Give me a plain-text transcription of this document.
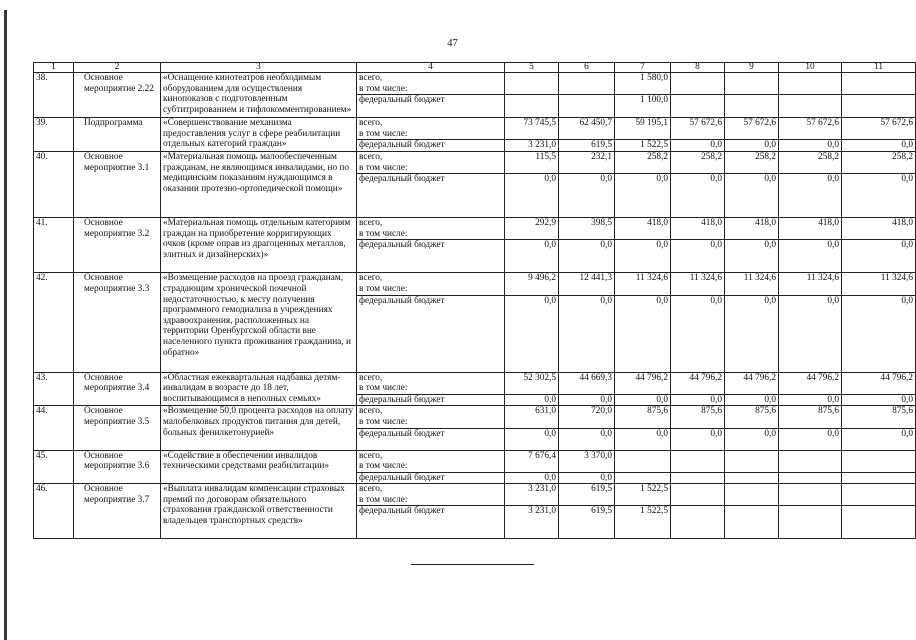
47
1	2	3	4	5	6	7	8	9	10	11
38.	Основное мероприятие 2.22	«Оснащение кинотеатров необходимым оборудованием для осуществления кинопоказов с подготовленным субтитрированием и тифлокомментированием»	всего,
в том числе:			1 580,0				

			федеральный бюджет			1 100,0				
39.	Подпрограмма	«Совершенствование механизма предоставления услуг в сфере реабилитации отдельных категорий граждан»	всего,
в том числе:	73 745,5	62 450,7	59 195,1	57 672,6	57 672,6	57 672,6	57 672,6

			федеральный бюджет	3 231,0	619,5	1 522,5	0,0	0,0	0,0	0,0
40.	Основное мероприятие 3.1	«Материальная помощь малообеспеченным гражданам, не являющимся инвалидами, но по медицинским показаниям нуждающимся в оказании протезно-ортопедической помощи»	всего,
в том числе:	115,5	232,1	258,2	258,2	258,2	258,2	258,2

			федеральный бюджет	0,0	0,0	0,0	0,0	0,0	0,0	0,0
41.	Основное мероприятие 3.2	«Материальная помощь отдельным категориям граждан на приобретение корригирующих очков (кроме оправ из драгоценных металлов, элитных и дизайнерских)»	всего,
в том числе:	292,9	398,5	418,0	418,0	418,0	418,0	418,0

			федеральный бюджет	0,0	0,0	0,0	0,0	0,0	0,0	0,0
42.	Основное мероприятие 3.3	«Возмещение расходов на проезд гражданам, страдающим хронической почечной недостаточностью, к месту получения программного гемодиализа в учреждениях здравоохранения, расположенных на территории Оренбургской области вне населенного пункта проживания гражданина, и обратно»	всего,
в том числе:	9 496,2	12 441,3	11 324,6	11 324,6	11 324,6	11 324,6	11 324,6

			федеральный бюджет	0,0	0,0	0,0	0,0	0,0	0,0	0,0
43.	Основное мероприятие 3.4	«Областная ежеквартальная надбавка детям-инвалидам в возрасте до 18 лет, воспитывающимся в неполных семьях»	всего,
в том числе:	52 302,5	44 669,3	44 796,2	44 796,2	44 796,2	44 796,2	44 796,2

			федеральный бюджет	0,0	0,0	0,0	0,0	0,0	0,0	0,0
44.	Основное мероприятие 3.5	«Возмещение 50,0 процента расходов на оплату малобелковых продуктов питания для детей, больных фенилкетонурией»	всего,
в том числе:	631,0	720,0	875,6	875,6	875,6	875,6	875,6

			федеральный бюджет	0,0	0,0	0,0	0,0	0,0	0,0	0,0
45.	Основное мероприятие 3.6	«Содействие в обеспечении инвалидов техническими средствами реабилитации»	всего,
в том числе:	7 676,4	3 370,0					

			федеральный бюджет	0,0	0,0					
46.	Основное мероприятие 3.7	«Выплата инвалидам компенсации страховых премий по договорам обязательного страхования гражданской ответственности владельцев транспортных средств»	всего,
в том числе:	3 231,0	619,5	1 522,5				

			федеральный бюджет	3 231,0	619,5	1 522,5				
